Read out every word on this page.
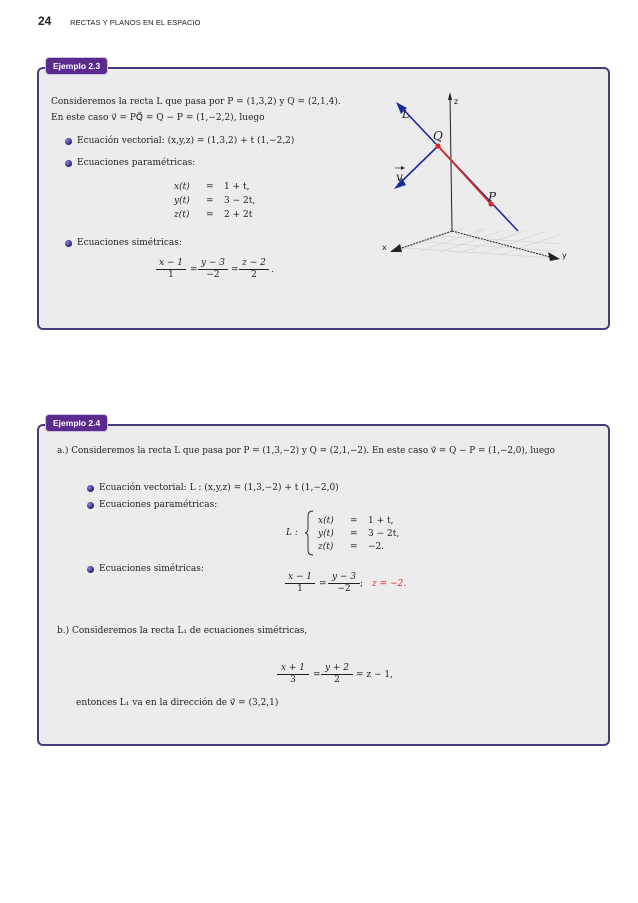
24	RECTAS Y PLANOS EN EL ESPACIO
Ejemplo 2.3
Consideremos la recta L que pasa por P = (1,3,2) y Q = (2,1,4).
En este caso v⃗ = PQ⃗ = Q − P = (1,−2,2), luego
Ecuación vectorial: (x,y,z) = (1,3,2) + t (1,−2,2)
Ecuaciones paramétricas:
x(t) = 1 + t,
y(t) = 3 − 2t,
z(t) = 2 + 2t
Ecuaciones simétricas:
$\frac{x - 1}{1} = \frac{y - 3}{-2} = \frac{z - 2}{2}$ .
L
Q
P
v
z
x
y
Ejemplo 2.4
a.) Consideremos la recta L que pasa por P = (1,3,−2) y Q = (2,1,−2). En este caso v⃗ = Q − P = (1,−2,0), luego
Ecuación vectorial: L : (x,y,z) = (1,3,−2) + t (1,−2,0)
Ecuaciones paramétricas:
L :
x(t) = 1 + t,
y(t) = 3 − 2t,
z(t) = −2.
Ecuaciones simétricas:
$\frac{x - 1}{1} = \frac{y - 3}{-2}$ ; z = −2.
b.) Consideremos la recta L₁ de ecuaciones simétricas,
$\frac{x + 1}{3} = \frac{y + 2}{2} = z - 1$,
entonces L₁ va en la dirección de v⃗ = (3,2,1)
